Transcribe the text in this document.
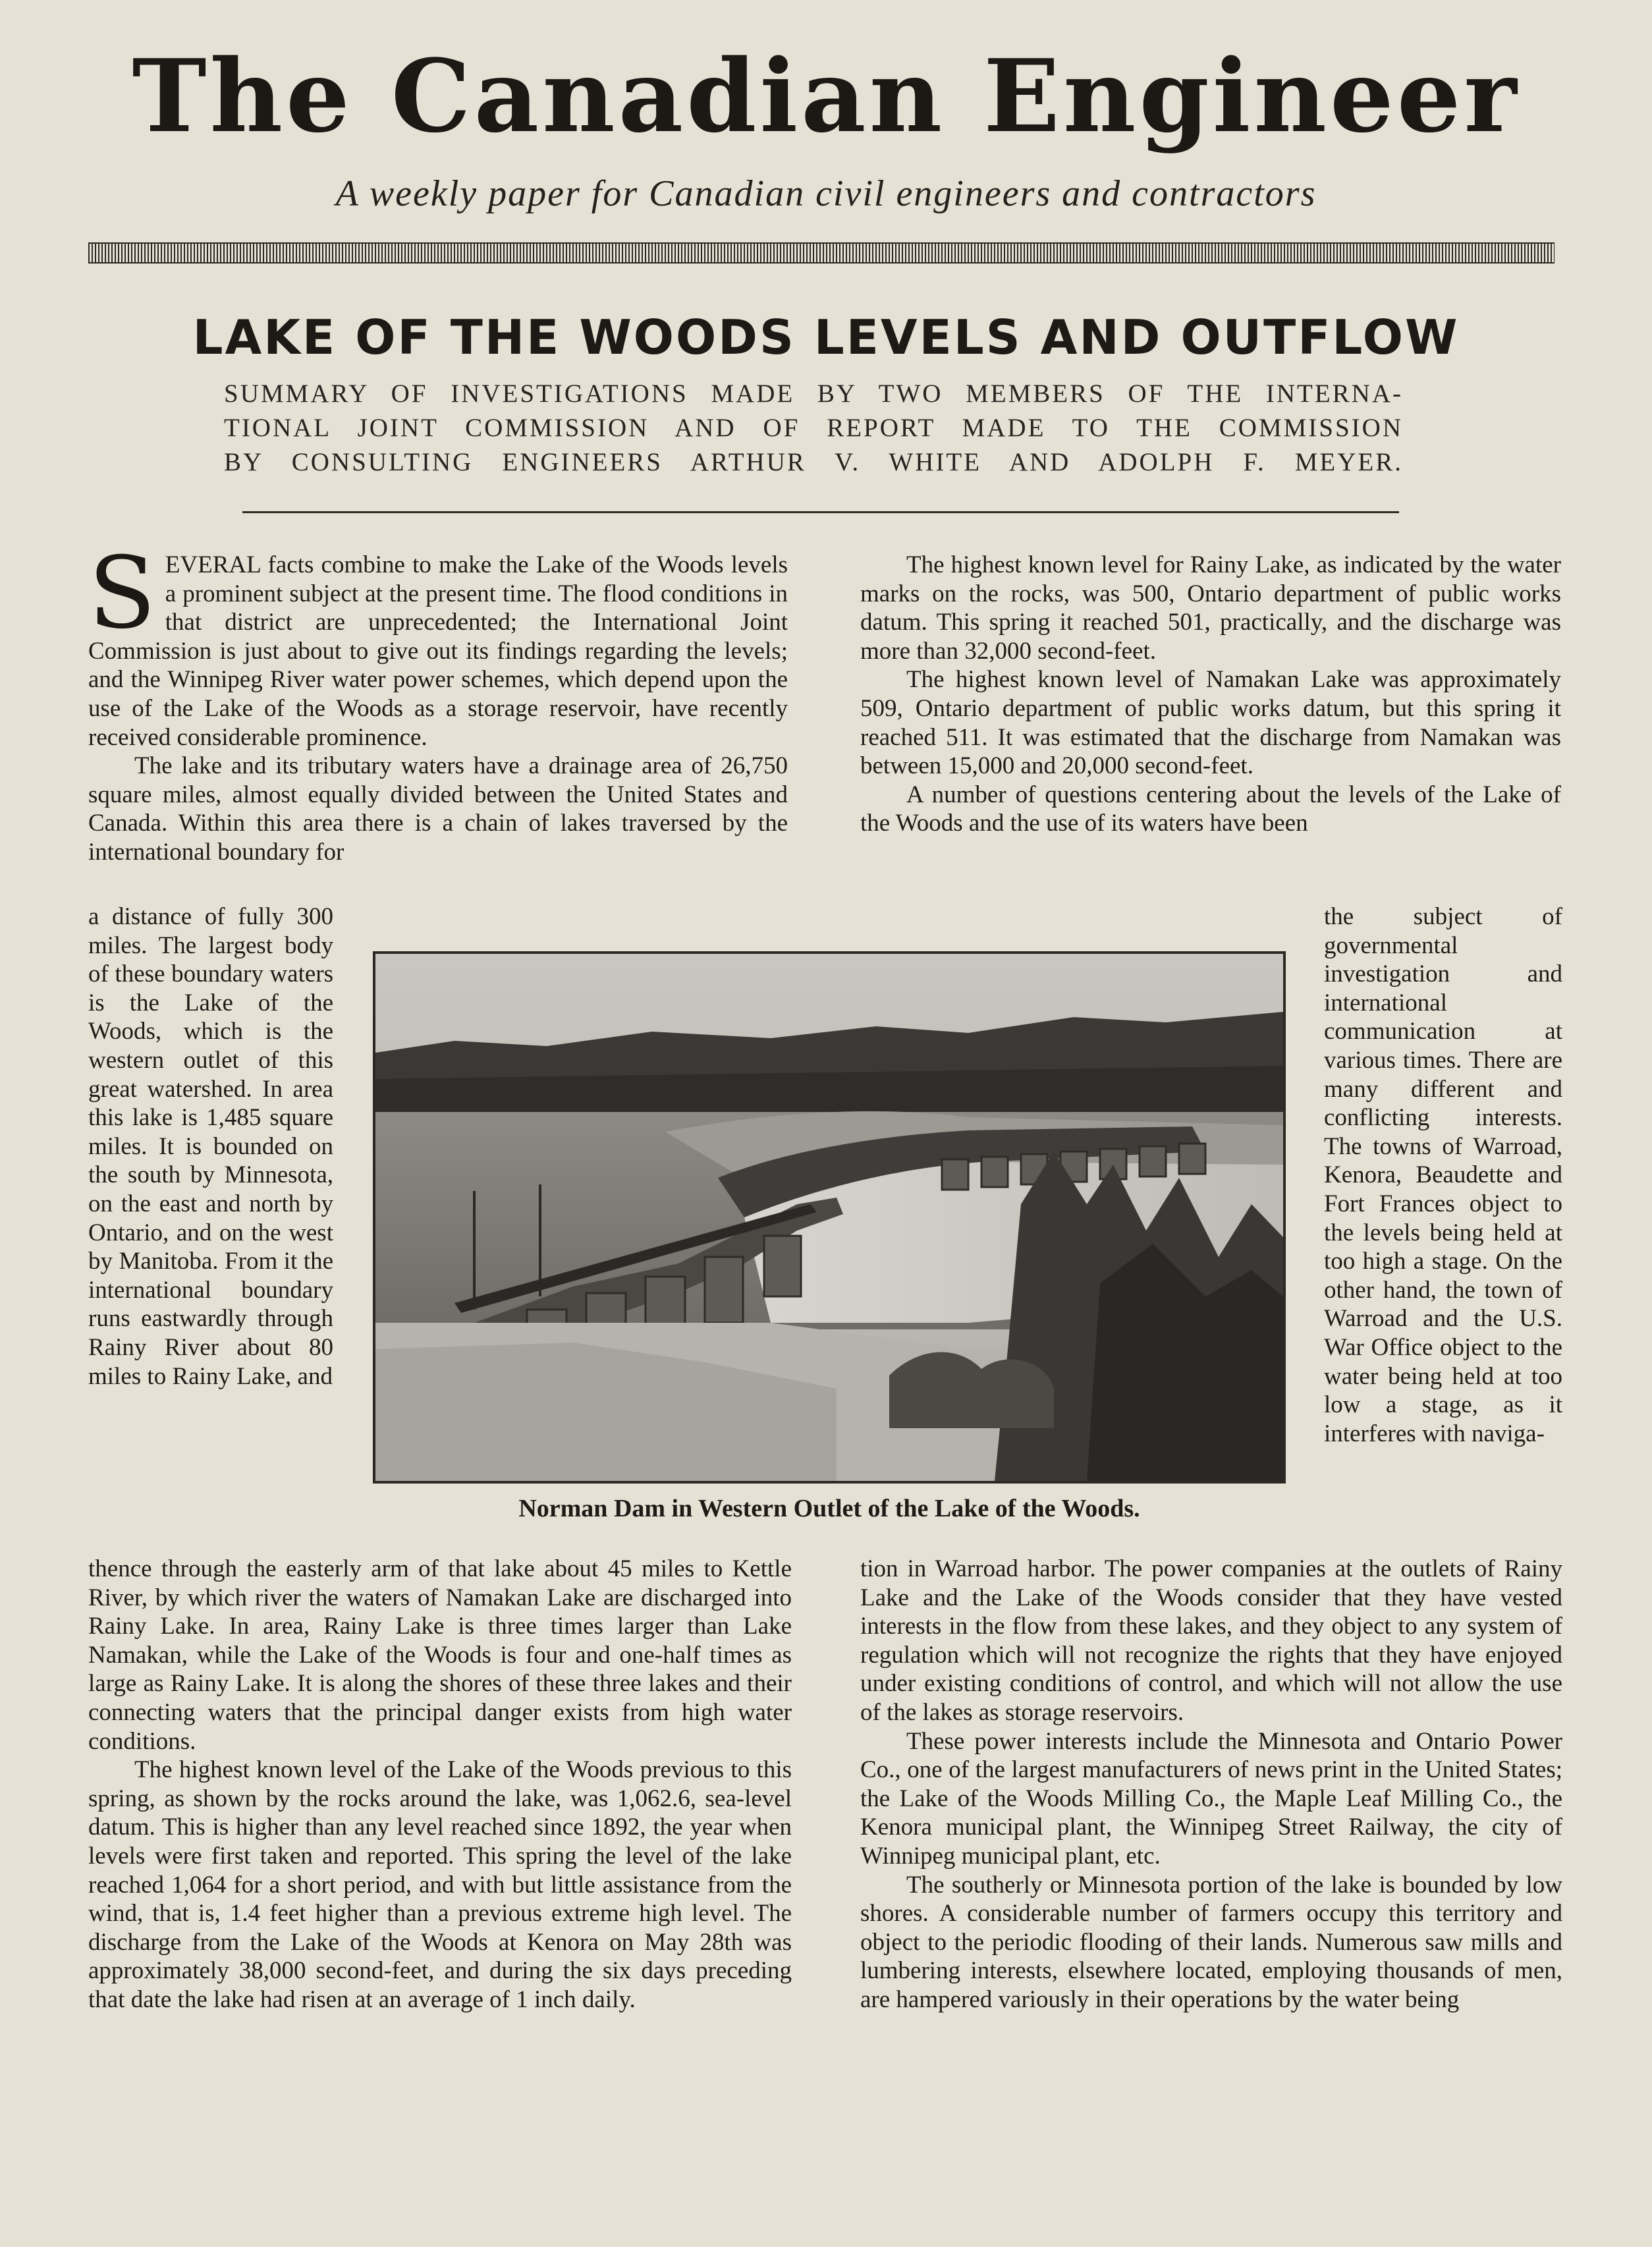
The Canadian Engineer
A weekly paper for Canadian civil engineers and contractors
LAKE OF THE WOODS LEVELS AND OUTFLOW
SUMMARY OF INVESTIGATIONS MADE BY TWO MEMBERS OF THE INTERNA-
TIONAL JOINT COMMISSION AND OF REPORT MADE TO THE COMMISSION
BY CONSULTING ENGINEERS ARTHUR V. WHITE AND ADOLPH F. MEYER.

SEVERAL facts combine to make the Lake of the Woods levels a prominent subject at the present time. The flood conditions in that district are unprecedented; the International Joint Commission is just about to give out its findings regarding the levels; and the Winnipeg River water power schemes, which depend upon the use of the Lake of the Woods as a storage reservoir, have recently received considerable prominence.

The lake and its tributary waters have a drainage area of 26,750 square miles, almost equally divided between the United States and Canada. Within this area there is a chain of lakes traversed by the international boundary for

a distance of fully 300 miles. The largest body of these boundary waters is the Lake of the Woods, which is the western outlet of this great watershed. In area this lake is 1,485 square miles. It is bounded on the south by Minnesota, on the east and north by Ontario, and on the west by Manitoba. From it the international boundary runs eastwardly through Rainy River about 80 miles to Rainy Lake, and

thence through the easterly arm of that lake about 45 miles to Kettle River, by which river the waters of Namakan Lake are discharged into Rainy Lake. In area, Rainy Lake is three times larger than Lake Namakan, while the Lake of the Woods is four and one-half times as large as Rainy Lake. It is along the shores of these three lakes and their connecting waters that the principal danger exists from high water conditions.

The highest known level of the Lake of the Woods previous to this spring, as shown by the rocks around the lake, was 1,062.6, sea-level datum. This is higher than any level reached since 1892, the year when levels were first taken and reported. This spring the level of the lake reached 1,064 for a short period, and with but little assistance from the wind, that is, 1.4 feet higher than a previous extreme high level. The discharge from the Lake of the Woods at Kenora on May 28th was approximately 38,000 second-feet, and during the six days preceding that date the lake had risen at an average of 1 inch daily.

The highest known level for Rainy Lake, as indicated by the water marks on the rocks, was 500, Ontario department of public works datum. This spring it reached 501, practically, and the discharge was more than 32,000 second-feet.

The highest known level of Namakan Lake was approximately 509, Ontario department of public works datum, but this spring it reached 511. It was estimated that the discharge from Namakan was between 15,000 and 20,000 second-feet.

A number of questions centering about the levels of the Lake of the Woods and the use of its waters have been

the subject of governmental investigation and international communication at various times. There are many different and conflicting interests. The towns of Warroad, Kenora, Beaudette and Fort Frances object to the levels being held at too high a stage. On the other hand, the town of Warroad and the U.S. War Office object to the water being held at too low a stage, as it interferes with naviga-

tion in Warroad harbor. The power companies at the outlets of Rainy Lake and the Lake of the Woods consider that they have vested interests in the flow from these lakes, and they object to any system of regulation which will not recognize the rights that they have enjoyed under existing conditions of control, and which will not allow the use of the lakes as storage reservoirs.

These power interests include the Minnesota and Ontario Power Co., one of the largest manufacturers of news print in the United States; the Lake of the Woods Milling Co., the Maple Leaf Milling Co., the Kenora municipal plant, the Winnipeg Street Railway, the city of Winnipeg municipal plant, etc.

The southerly or Minnesota portion of the lake is bounded by low shores. A considerable number of farmers occupy this territory and object to the periodic flooding of their lands. Numerous saw mills and lumbering interests, elsewhere located, employing thousands of men, are hampered variously in their operations by the water being

Norman Dam in Western Outlet of the Lake of the Woods.
